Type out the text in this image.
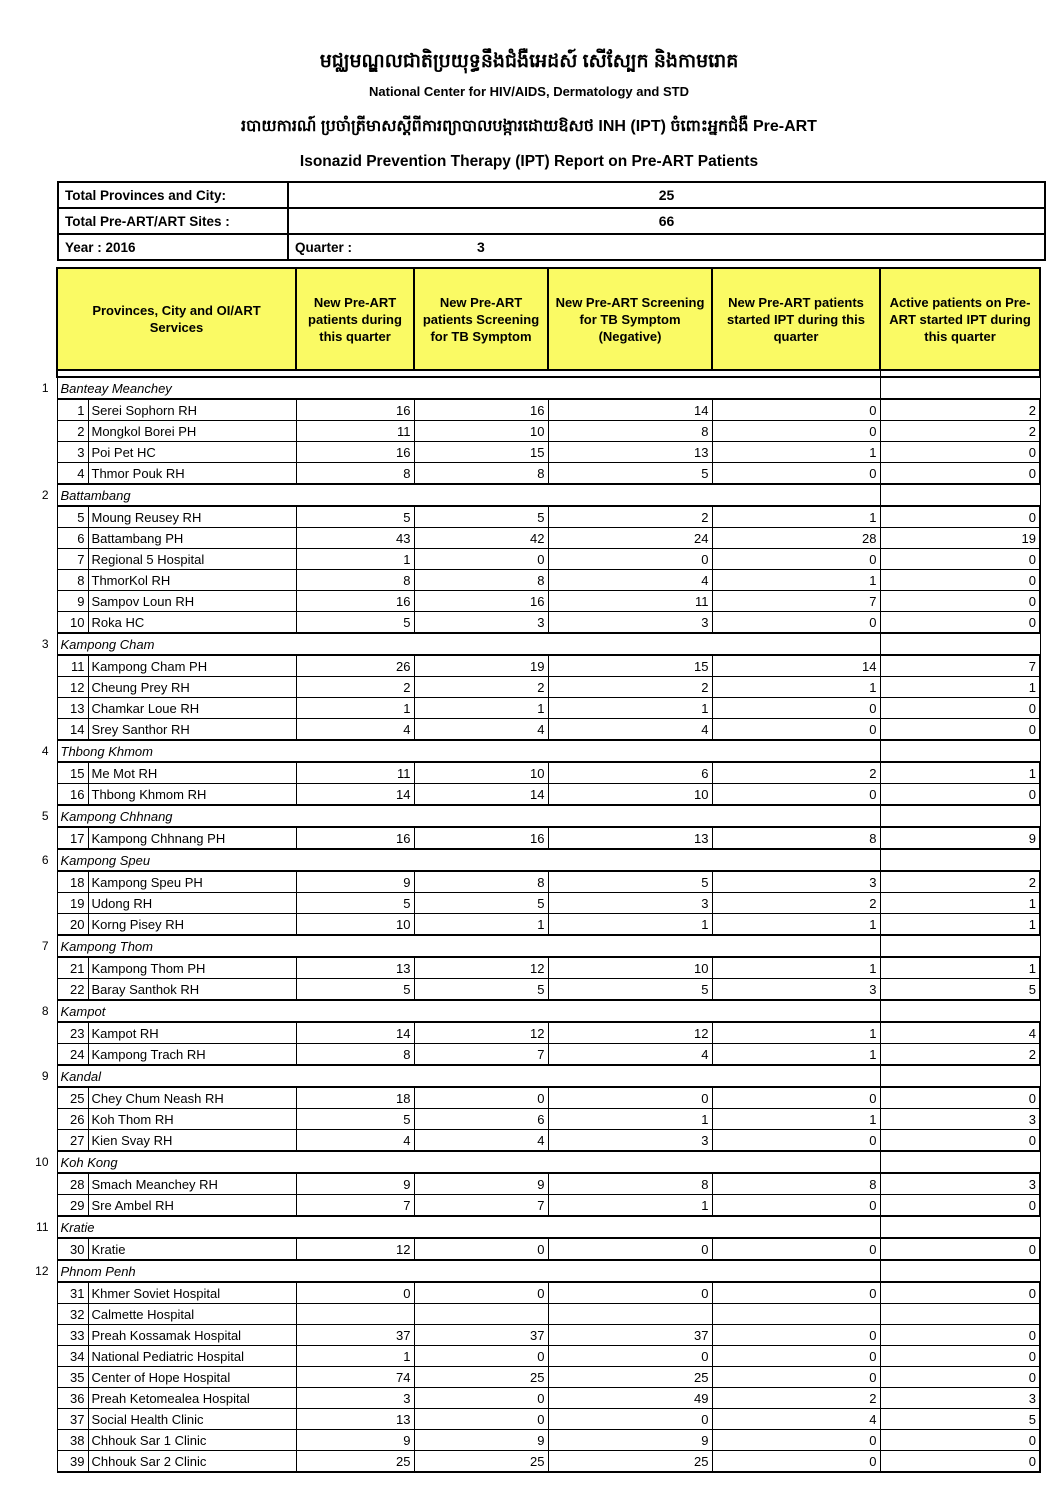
មជ្ឈមណ្ឌលជាតិប្រយុទ្ធនឹងជំងឺអេដស៍ សើស្បែក និងកាមរោគ
National Center for HIV/AIDS, Dermatology and STD
របាយការណ៍ ប្រចាំត្រីមាសស្តីពីការព្យាបាលបង្ការដោយឱសថ INH (IPT) ចំពោះអ្នកជំងឺ Pre-ART
Isonazid Prevention Therapy (IPT) Report on Pre-ART Patients
Total Provinces and City:	25
Total Pre-ART/ART Sites :	66
Year : 2016	Quarter : 3
	Provinces, City and OI/ART Services		New Pre-ART patients during this quarter	New Pre-ART patients Screening for TB Symptom	New Pre-ART Screening for TB Symptom (Negative)	New Pre-ART patients started IPT during this quarter	Active patients on Pre-ART started IPT during this quarter

1	Banteay Meanchey						
	1	Serei Sophorn RH	16	16	14	0	2
	2	Mongkol Borei PH	11	10	8	0	2
	3	Poi Pet HC	16	15	13	1	0
	4	Thmor Pouk RH	8	8	5	0	0
2	Battambang						
	5	Moung Reusey RH	5	5	2	1	0
	6	Battambang PH	43	42	24	28	19
	7	Regional 5 Hospital	1	0	0	0	0
	8	ThmorKol RH	8	8	4	1	0
	9	Sampov Loun RH	16	16	11	7	0
	10	Roka HC	5	3	3	0	0
3	Kampong Cham						
	11	Kampong Cham PH	26	19	15	14	7
	12	Cheung Prey RH	2	2	2	1	1
	13	Chamkar Loue RH	1	1	1	0	0
	14	Srey Santhor RH	4	4	4	0	0
4	Thbong Khmom						
	15	Me Mot RH	11	10	6	2	1
	16	Thbong Khmom RH	14	14	10	0	0
5	Kampong Chhnang						
	17	Kampong Chhnang PH	16	16	13	8	9
6	Kampong Speu						
	18	Kampong Speu PH	9	8	5	3	2
	19	Udong RH	5	5	3	2	1
	20	Korng Pisey RH	10	1	1	1	1
7	Kampong Thom						
	21	Kampong Thom PH	13	12	10	1	1
	22	Baray Santhok RH	5	5	5	3	5
8	Kampot						
	23	Kampot RH	14	12	12	1	4
	24	Kampong Trach RH	8	7	4	1	2
9	Kandal						
	25	Chey Chum Neash RH	18	0	0	0	0
	26	Koh Thom RH	5	6	1	1	3
	27	Kien Svay RH	4	4	3	0	0
10	Koh Kong						
	28	Smach Meanchey RH	9	9	8	8	3
	29	Sre Ambel RH	7	7	1	0	0
11	Kratie						
	30	Kratie	12	0	0	0	0
12	Phnom Penh						
	31	Khmer Soviet Hospital	0	0	0	0	0
	32	Calmette Hospital					
	33	Preah Kossamak Hospital	37	37	37	0	0
	34	National Pediatric Hospital	1	0	0	0	0
	35	Center of Hope Hospital	74	25	25	0	0
	36	Preah Ketomealea Hospital	3	0	49	2	3
	37	Social Health Clinic	13	0	0	4	5
	38	Chhouk Sar 1 Clinic	9	9	9	0	0
	39	Chhouk Sar 2 Clinic	25	25	25	0	0
